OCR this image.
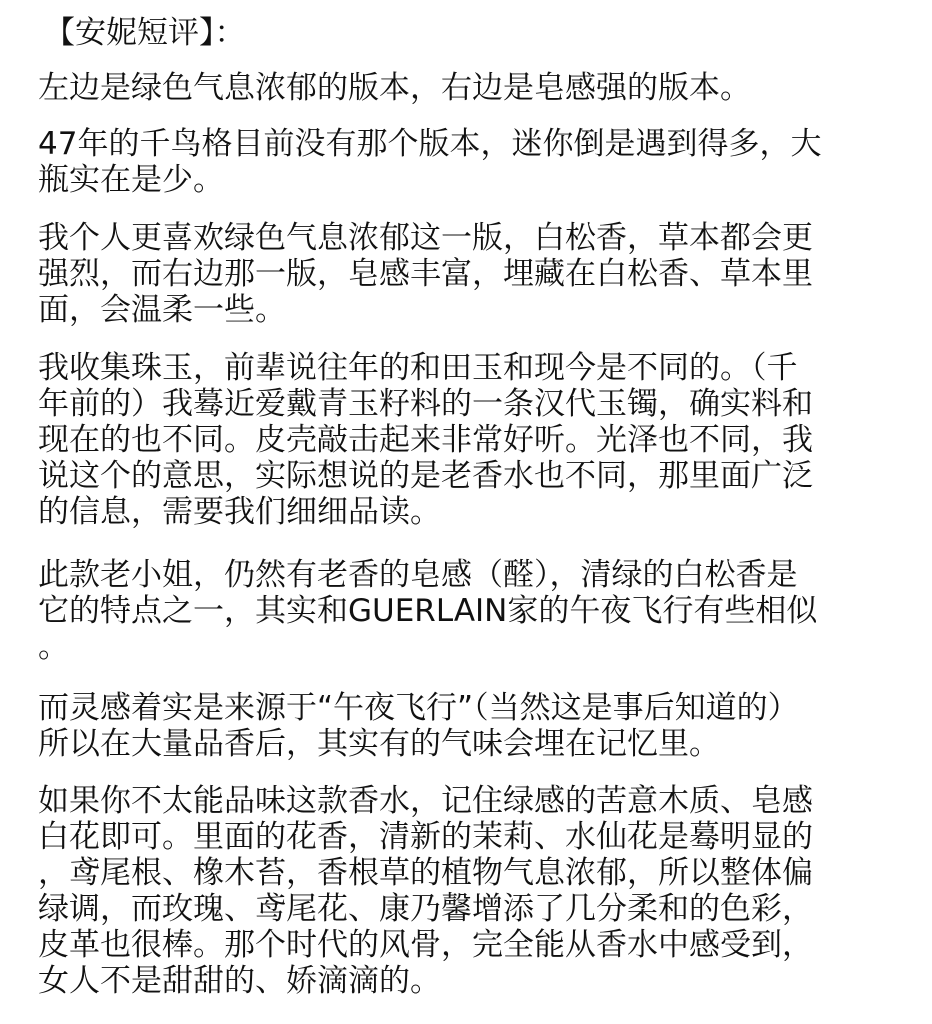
【安妮短评】：

左边是绿色气息浓郁的版本，右边是皂感强的版本。

47年的千鸟格目前没有那个版本，迷你倒是遇到得多，大
瓶实在是少。

我个人更喜欢绿色气息浓郁这一版，白松香，草本都会更
强烈，而右边那一版，皂感丰富，埋藏在白松香、草本里
面，会温柔一些。

我收集珠玉，前辈说往年的和田玉和现今是不同的。（千
年前的）我蓦近爱戴青玉籽料的一条汉代玉镯，确实料和
现在的也不同。皮壳敲击起来非常好听。光泽也不同，我
说这个的意思，实际想说的是老香水也不同，那里面广泛
的信息，需要我们细细品读。

此款老小姐，仍然有老香的皂感（醛），清绿的白松香是
它的特点之一，其实和GUERLAIN家的午夜飞行有些相似
。

而灵感着实是来源于“午夜飞行”（当然这是事后知道的）
所以在大量品香后，其实有的气味会埋在记忆里。

如果你不太能品味这款香水，记住绿感的苦意木质、皂感
白花即可。里面的花香，清新的茉莉、水仙花是蓦明显的
，鸢尾根、橡木苔，香根草的植物气息浓郁，所以整体偏
绿调，而玫瑰、鸢尾花、康乃馨增添了几分柔和的色彩，
皮革也很棒。那个时代的风骨，完全能从香水中感受到，
女人不是甜甜的、娇滴滴的。
